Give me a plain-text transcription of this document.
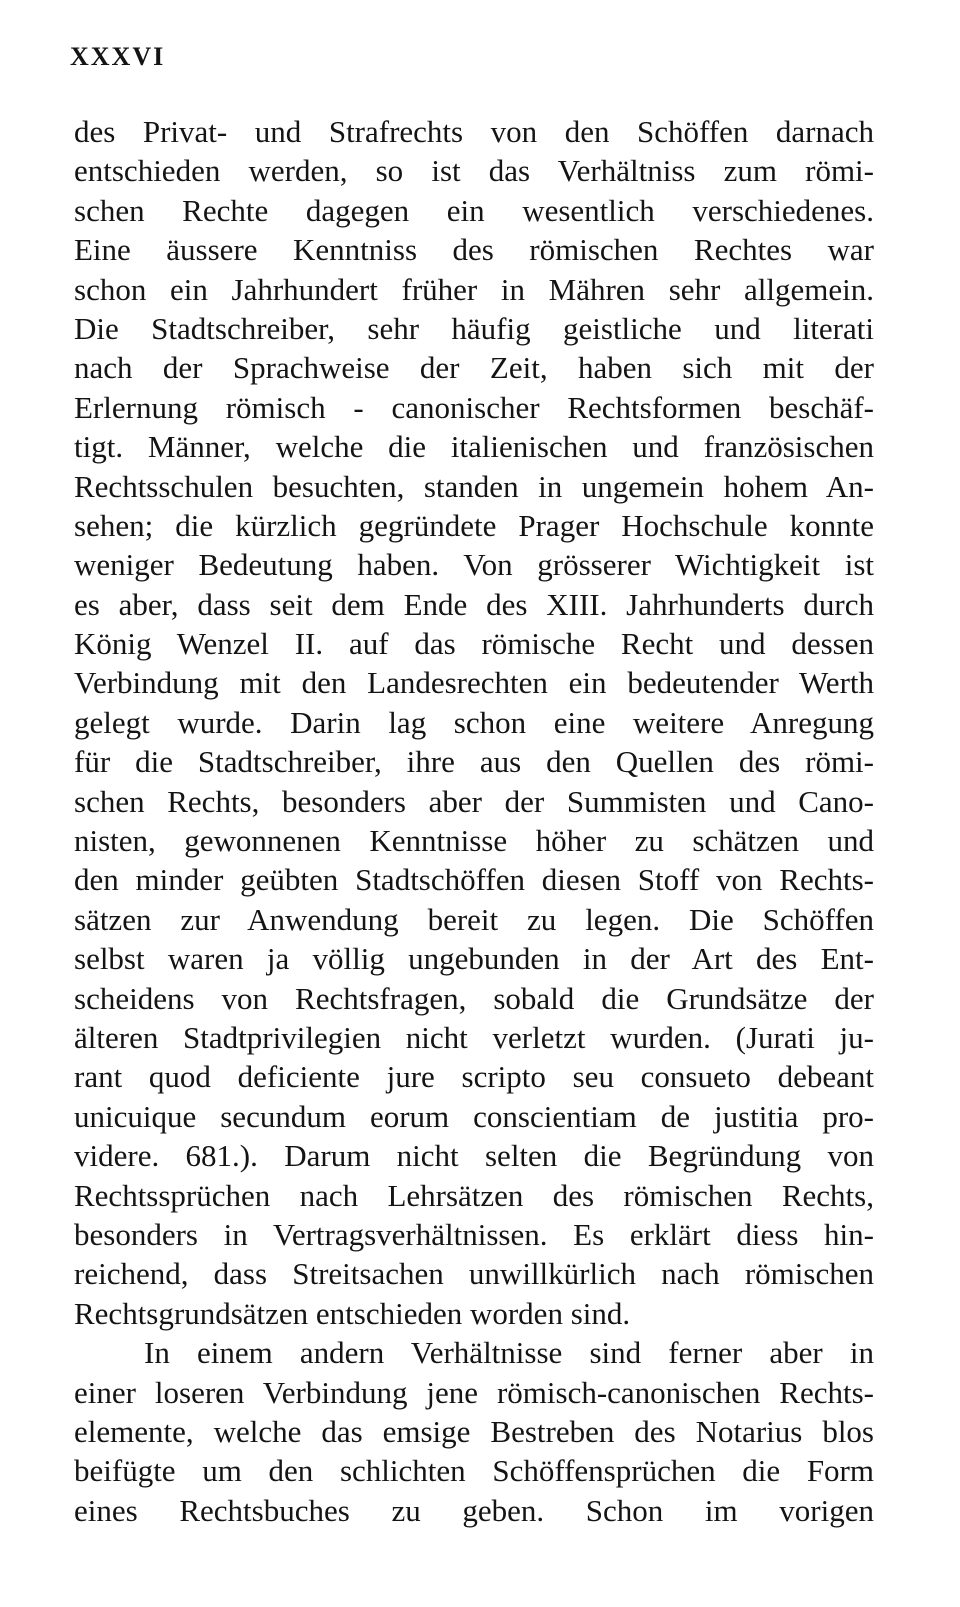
XXXVI
des Privat- und Strafrechts von den Schöffen darnach
entschieden werden, so ist das Verhältniss zum römi-
schen Rechte dagegen ein wesentlich verschiedenes.
Eine äussere Kenntniss des römischen Rechtes war
schon ein Jahrhundert früher in Mähren sehr allgemein.
Die Stadtschreiber, sehr häufig geistliche und literati
nach der Sprachweise der Zeit, haben sich mit der
Erlernung römisch - canonischer Rechtsformen beschäf-
tigt. Männer, welche die italienischen und französischen
Rechtsschulen besuchten, standen in ungemein hohem An-
sehen; die kürzlich gegründete Prager Hochschule konnte
weniger Bedeutung haben. Von grösserer Wichtigkeit ist
es aber, dass seit dem Ende des XIII. Jahrhunderts durch
König Wenzel II. auf das römische Recht und dessen
Verbindung mit den Landesrechten ein bedeutender Werth
gelegt wurde. Darin lag schon eine weitere Anregung
für die Stadtschreiber, ihre aus den Quellen des römi-
schen Rechts, besonders aber der Summisten und Cano-
nisten, gewonnenen Kenntnisse höher zu schätzen und
den minder geübten Stadtschöffen diesen Stoff von Rechts-
sätzen zur Anwendung bereit zu legen. Die Schöffen
selbst waren ja völlig ungebunden in der Art des Ent-
scheidens von Rechtsfragen, sobald die Grundsätze der
älteren Stadtprivilegien nicht verletzt wurden. (Jurati ju-
rant quod deficiente jure scripto seu consueto debeant
unicuique secundum eorum conscientiam de justitia pro-
videre. 681.). Darum nicht selten die Begründung von
Rechtssprüchen nach Lehrsätzen des römischen Rechts,
besonders in Vertragsverhältnissen. Es erklärt diess hin-
reichend, dass Streitsachen unwillkürlich nach römischen
Rechtsgrundsätzen entschieden worden sind.
In einem andern Verhältnisse sind ferner aber in
einer loseren Verbindung jene römisch-canonischen Rechts-
elemente, welche das emsige Bestreben des Notarius blos
beifügte um den schlichten Schöffensprüchen die Form
eines Rechtsbuches zu geben. Schon im vorigen
